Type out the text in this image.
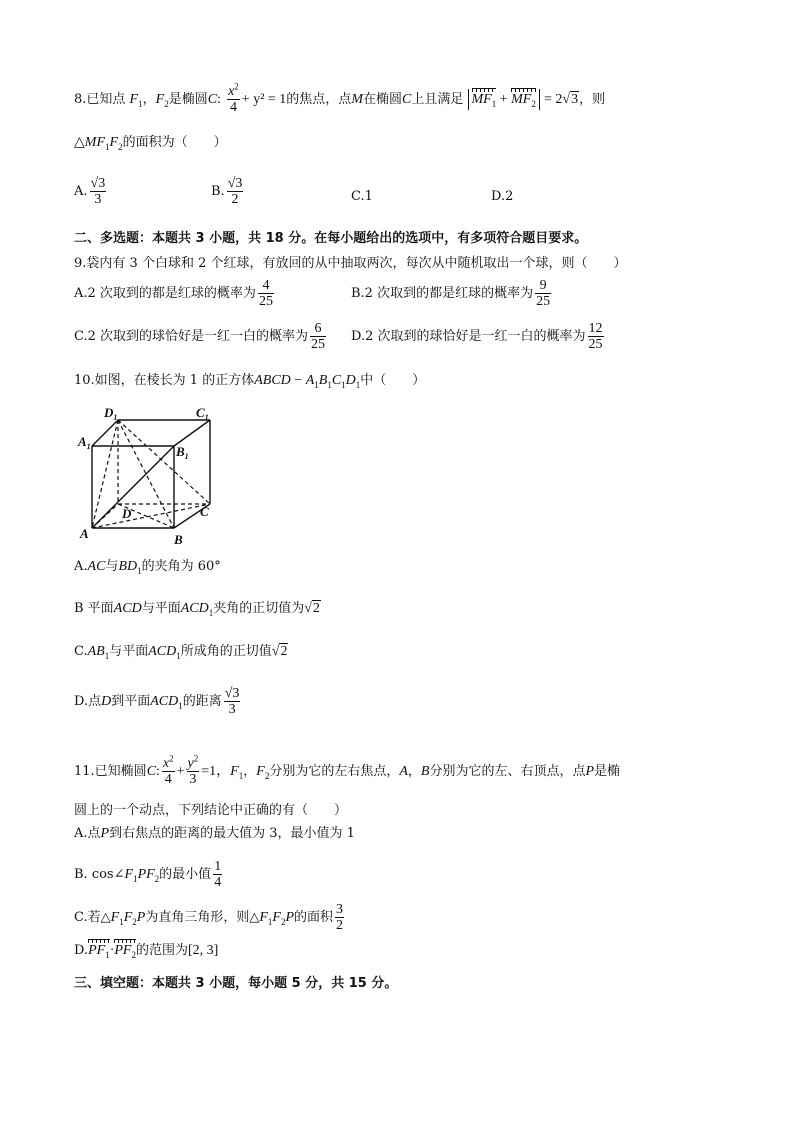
8.已知点 $F_1$，$F_2$是椭圆C: $\frac{x^2}{4} + y^2 = 1$的焦点，点M在椭圆C上且满足 $MF_1 + MF_2 = 2√3$，则
$\triangle MF_1F_2$的面积为（　　）
A. $\frac{√3}{3}$	B. $\frac{√3}{2}$	C.1	D.2
二、多选题：本题共 3 小题，共 18 分。在每小题给出的选项中，有多项符合题目要求。
9.袋内有 3 个白球和 2 个红球，有放回的从中抽取两次，每次从中随机取出一个球，则（　　）
A.2 次取到的都是红球的概率为 $\frac{4}{25}$	B.2 次取到的都是红球的概率为 $\frac{9}{25}$
C.2 次取到的球恰好是一红一白的概率为 $\frac{6}{25} D.2$ 次取到的球恰好是一红一白的概率为 $\frac{12}{25}$
10.如图，在棱长为 1 的正方体ABCD − $A_1B_1C_1D_1$中（　　）
$D_1$	$C_1$
$A_1$	$B_1$
D	C
A	B
A.AC与$BD_1$的夹角为 60°
B 平面ACD与平面$ACD_1$夹角的正切值为√2
$C.AB_1$与平面$ACD_1$所成角的正切值√2
D.点D到平面$ACD_1$的距离 $\frac{√3}{3}$
11.已知椭圆C: $\frac{x^2}{4} + \frac{y^2}{3} =1$，$F_1$，$F_2$分别为它的左右焦点，A，B分别为它的左、右顶点，点P是椭
圆上的一个动点，下列结论中正确的有（　　）
A.点P到右焦点的距离的最大值为 3，最小值为 1
B. $\cos\angle F_1PF_2$的最小值 $\frac{1}{4}$
C.若$\triangle F_1F_2P$为直角三角形，则$\triangle F_1F_2P$的面积 $\frac{3}{2}$
$D.PF_1\cdot PF_2$的范围为[2, 3]
三、填空题：本题共 3 小题，每小题 5 分，共 15 分。
